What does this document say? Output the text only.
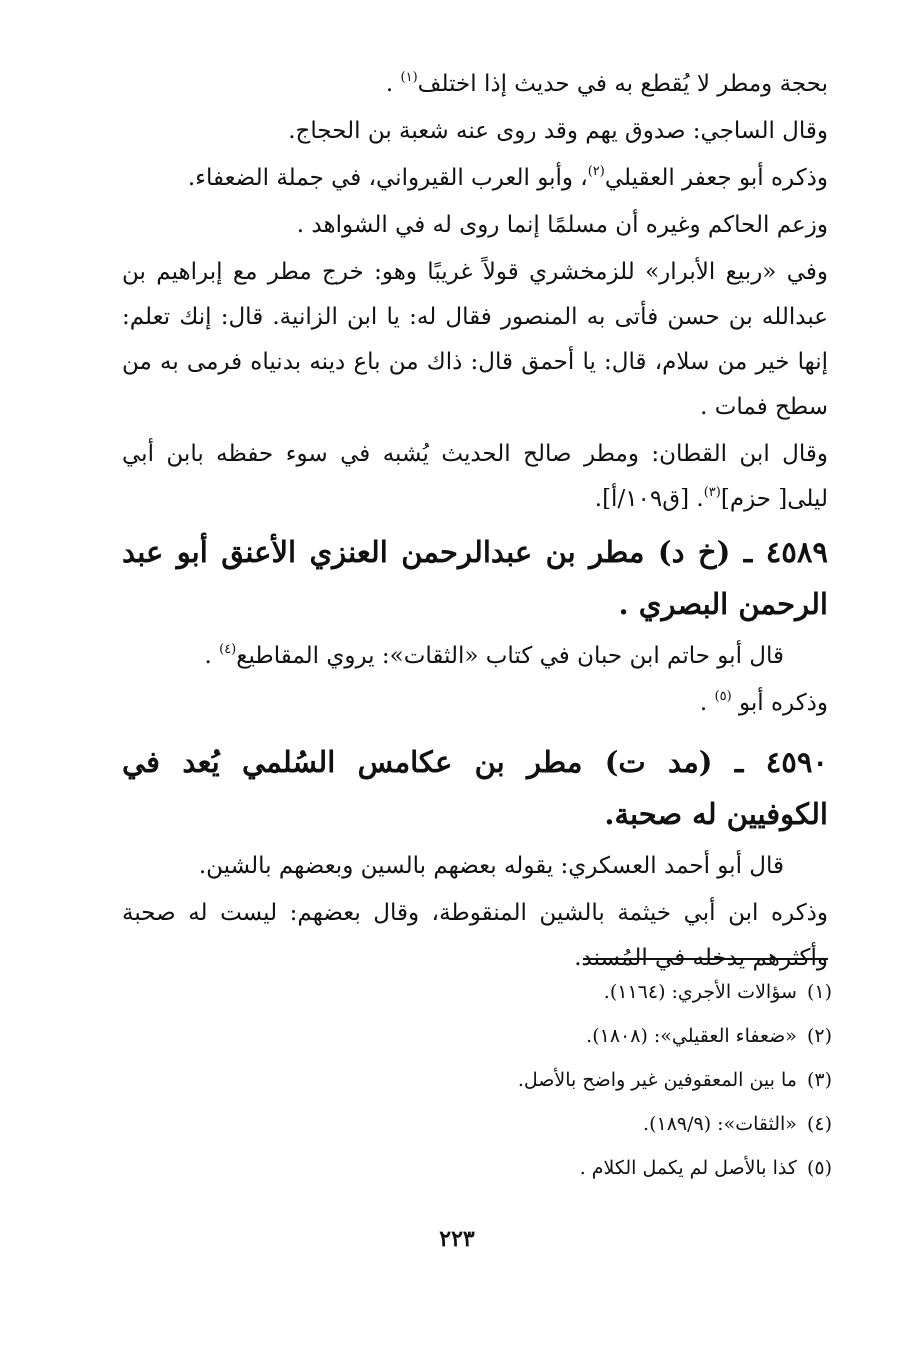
بحجة ومطر لا يُقطع به في حديث إذا اختلف$^{(١)}$ .

وقال الساجي: صدوق يهم وقد روى عنه شعبة بن الحجاج.

وذكره أبو جعفر العقيلي$^{(٢)}$، وأبو العرب القيرواني، في جملة الضعفاء.

وزعم الحاكم وغيره أن مسلمًا إنما روى له في الشواهد .

وفي «ربيع الأبرار» للزمخشري قولاً غريبًا وهو: خرج مطر مع إبراهيم بن عبدالله بن حسن فأتى به المنصور فقال له: يا ابن الزانية. قال: إنك تعلم: إنها خير من سلام، قال: يا أحمق قال: ذاك من باع دينه بدنياه فرمى به من سطح فمات .

وقال ابن القطان: ومطر صالح الحديث يُشبه في سوء حفظه بابن أبي ليلى[ حزم]$^{(٣)}$. [ق١٠٩/أ].

٤٥٨٩ ـ (خ د) مطر بن عبدالرحمن العنزي الأعنق أبو عبد الرحمن البصري .

قال أبو حاتم ابن حبان في كتاب «الثقات»: يروي المقاطيع$^{(٤)}$ .

وذكره أبو $^{(٥)}$ .

٤٥٩٠ ـ (مد ت) مطر بن عكامس السُلمي يُعد في الكوفيين له صحبة.

قال أبو أحمد العسكري: يقوله بعضهم بالسين وبعضهم بالشين.

وذكره ابن أبي خيثمة بالشين المنقوطة، وقال بعضهم: ليست له صحبة وأكثرهم يدخله في المُسند.

(١)سؤالات الأجري: (١١٦٤).

(٢)«ضعفاء العقيلي»: (١٨٠٨).

(٣)ما بين المعقوفين غير واضح بالأصل.

(٤)«الثقات»: (١٨٩/٩).

(٥)كذا بالأصل لم يكمل الكلام .

٢٢٣
